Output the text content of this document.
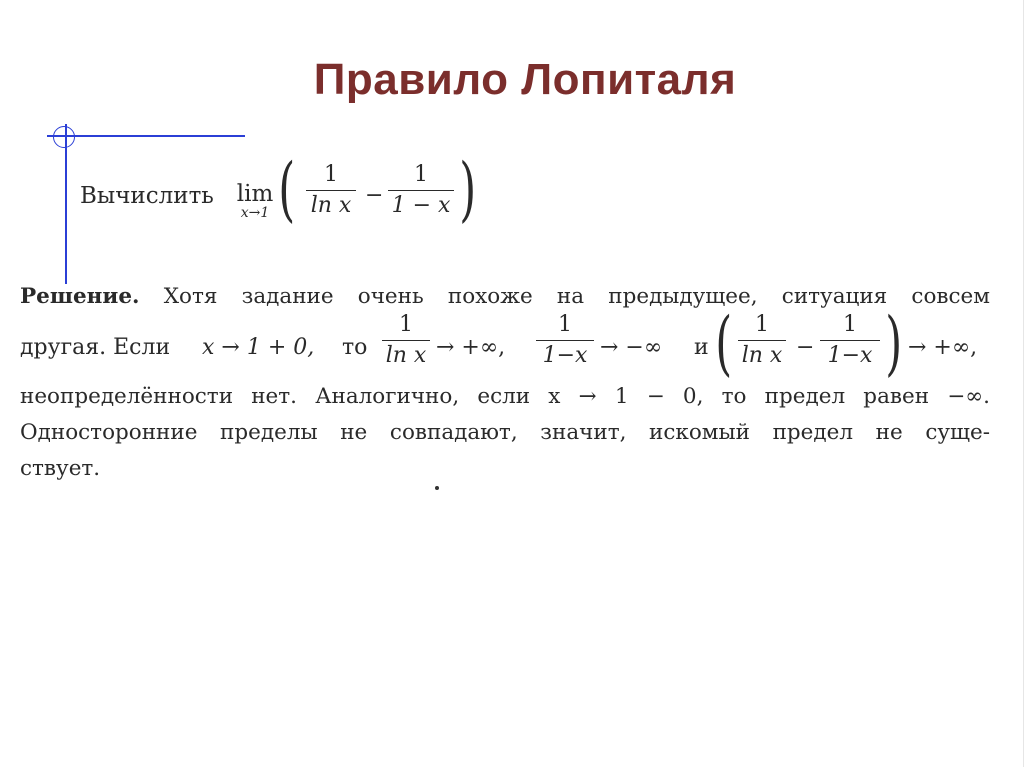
Правило Лопиталя
Вычислить lim
x→1 ( 1
ln x −
1
1 − x )
Решение. Хотя задание очень похоже на предыдущее, ситуация совсем
другая. Если x → 1 + 0, то
1
ln x → +∞,
1
1−x → −∞ и ( 1
ln x −
1
1−x ) → +∞,
неопределённости нет. Аналогично, если x → 1 − 0, то предел равен −∞.
Односторонние пределы не совпадают, значит, искомый предел не суще-
ствует.
